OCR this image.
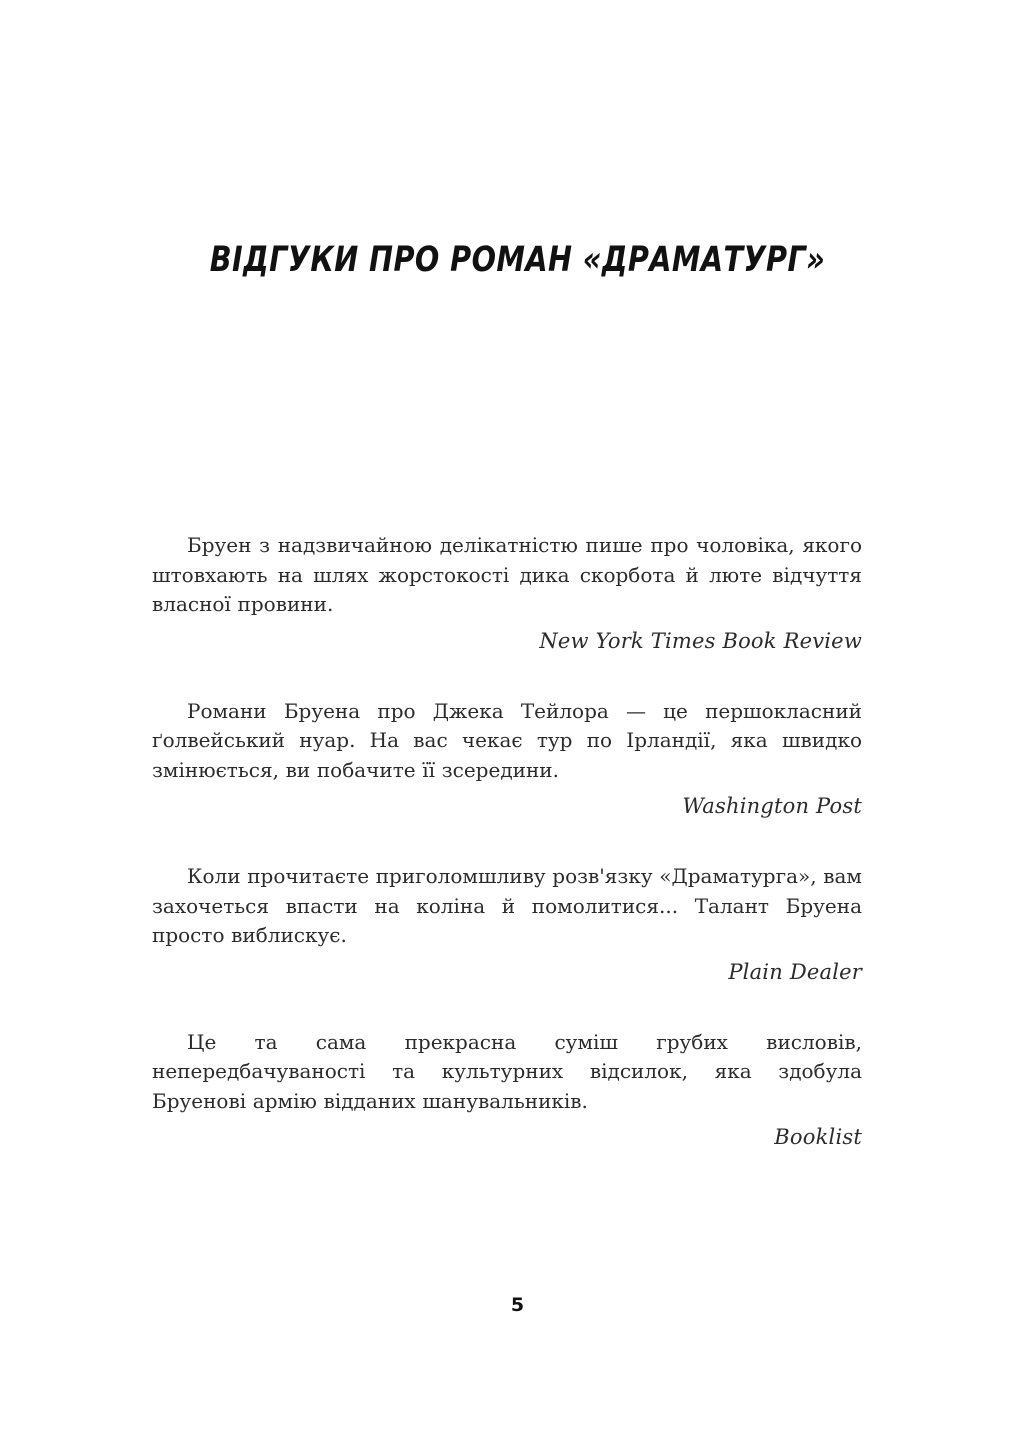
ВІДГУКИ ПРО РОМАН «ДРАМАТУРГ»

Бруен з надзвичайною делікатністю пише про чоловіка, якого штовхають на шлях жорстокості дика скорбота й люте відчуття власної провини.

New York Times Book Review

Романи Бруена про Джека Тейлора — це першокласний ґолвейський нуар. На вас чекає тур по Ірландії, яка швидко змінюється, ви побачите її зсередини.

Washington Post

Коли прочитаєте приголомшливу розв'язку «Драматурга», вам захочеться впасти на коліна й помолитися... Талант Бруена просто виблискує.

Plain Dealer

Це та сама прекрасна суміш грубих висловів, непередбачуваності та культурних відсилок, яка здобула Бруенові армію відданих шанувальників.

Booklist
5
